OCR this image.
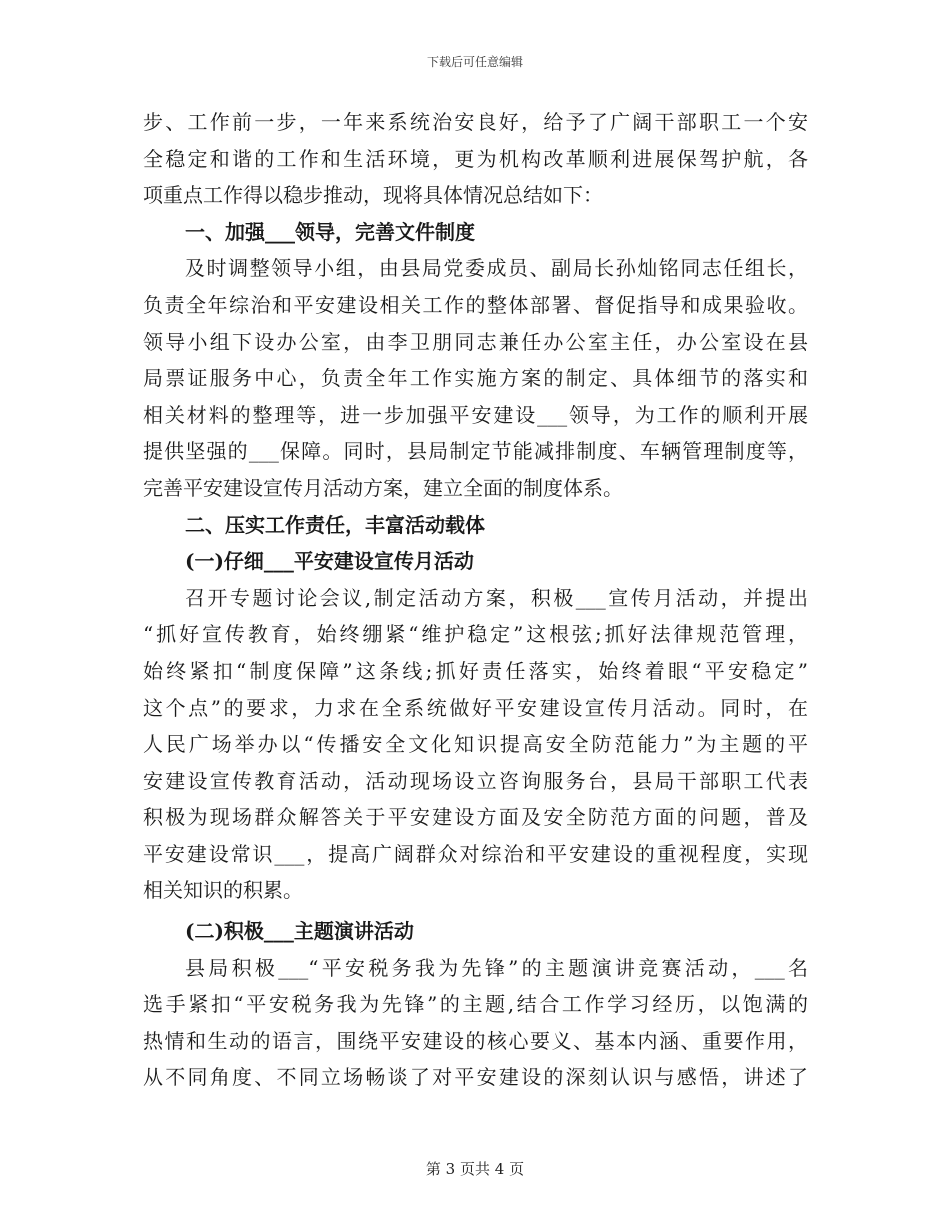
下载后可任意编辑
步、工作前一步，一年来系统治安良好，给予了广阔干部职工一个安
全稳定和谐的工作和生活环境，更为机构改革顺利进展保驾护航，各
项重点工作得以稳步推动，现将具体情况总结如下：
一、加强___领导，完善文件制度
及时调整领导小组，由县局党委成员、副局长孙灿铭同志任组长，
负责全年综治和平安建设相关工作的整体部署、督促指导和成果验收。
领导小组下设办公室，由李卫朋同志兼任办公室主任，办公室设在县
局票证服务中心，负责全年工作实施方案的制定、具体细节的落实和
相关材料的整理等，进一步加强平安建设___领导，为工作的顺利开展
提供坚强的___保障。同时，县局制定节能减排制度、车辆管理制度等，
完善平安建设宣传月活动方案，建立全面的制度体系。
二、压实工作责任，丰富活动载体
(一)仔细___平安建设宣传月活动
召开专题讨论会议,制定活动方案，积极___宣传月活动，并提出
“抓好宣传教育，始终绷紧“维护稳定”这根弦;抓好法律规范管理，
始终紧扣“制度保障”这条线;抓好责任落实，始终着眼“平安稳定”
这个点”的要求，力求在全系统做好平安建设宣传月活动。同时，在
人民广场举办以“传播安全文化知识提高安全防范能力”为主题的平
安建设宣传教育活动，活动现场设立咨询服务台，县局干部职工代表
积极为现场群众解答关于平安建设方面及安全防范方面的问题，普及
平安建设常识___，提高广阔群众对综治和平安建设的重视程度，实现
相关知识的积累。
(二)积极___主题演讲活动
县局积极___“平安税务我为先锋”的主题演讲竞赛活动，___名
选手紧扣“平安税务我为先锋”的主题,结合工作学习经历，以饱满的
热情和生动的语言，围绕平安建设的核心要义、基本内涵、重要作用，
从不同角度、不同立场畅谈了对平安建设的深刻认识与感悟，讲述了
第 3 页共 4 页
